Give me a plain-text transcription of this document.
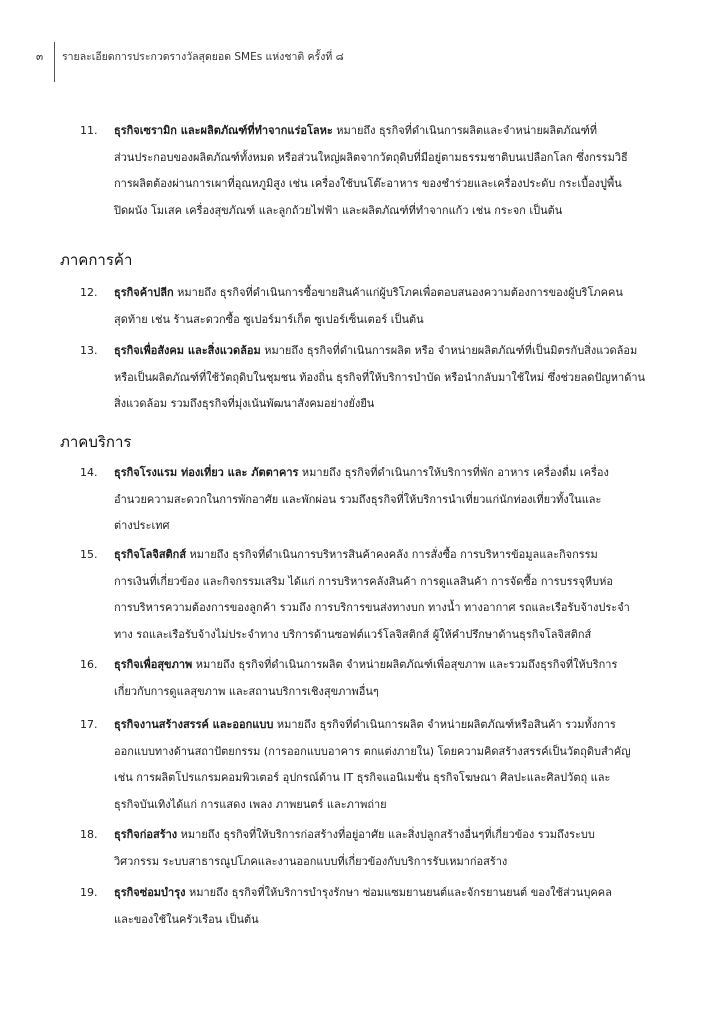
๓	รายละเอียดการประกวดรางวัลสุดยอด SMEs แห่งชาติ ครั้งที่ ๘
11.	ธุรกิจเซรามิก และผลิตภัณฑ์ที่ทำจากแร่อโลหะ หมายถึง ธุรกิจที่ดำเนินการผลิตและจำหน่ายผลิตภัณฑ์ที่
ส่วนประกอบของผลิตภัณฑ์ทั้งหมด หรือส่วนใหญ่ผลิตจากวัตถุดิบที่มีอยู่ตามธรรมชาติบนเปลือกโลก ซึ่งกรรมวิธี
การผลิตต้องผ่านการเผาที่อุณหภูมิสูง เช่น เครื่องใช้บนโต๊ะอาหาร ของชำร่วยและเครื่องประดับ กระเบื้องปูพื้น
ปิดผนัง โมเสค เครื่องสุขภัณฑ์ และลูกถ้วยไฟฟ้า และผลิตภัณฑ์ที่ทำจากแก้ว เช่น กระจก เป็นต้น
ภาคการค้า
12.	ธุรกิจค้าปลีก หมายถึง ธุรกิจที่ดำเนินการซื้อขายสินค้าแก่ผู้บริโภคเพื่อตอบสนองความต้องการของผู้บริโภคคน
สุดท้าย เช่น ร้านสะดวกซื้อ ซูเปอร์มาร์เก็ต ซูเปอร์เซ็นเตอร์ เป็นต้น
13.	ธุรกิจเพื่อสังคม และสิ่งแวดล้อม หมายถึง ธุรกิจที่ดำเนินการผลิต หรือ จำหน่ายผลิตภัณฑ์ที่เป็นมิตรกับสิ่งแวดล้อม
หรือเป็นผลิตภัณฑ์ที่ใช้วัตถุดิบในชุมชน ท้องถิ่น ธุรกิจที่ให้บริการบำบัด หรือนำกลับมาใช้ใหม่ ซึ่งช่วยลดปัญหาด้าน
สิ่งแวดล้อม รวมถึงธุรกิจที่มุ่งเน้นพัฒนาสังคมอย่างยั่งยืน
ภาคบริการ
14.	ธุรกิจโรงแรม ท่องเที่ยว และ ภัตตาคาร หมายถึง ธุรกิจที่ดำเนินการให้บริการที่พัก อาหาร เครื่องดื่ม เครื่อง
อำนวยความสะดวกในการพักอาศัย และพักผ่อน รวมถึงธุรกิจที่ให้บริการนำเที่ยวแก่นักท่องเที่ยวทั้งในและ
ต่างประเทศ
15.	ธุรกิจโลจิสติกส์ หมายถึง ธุรกิจที่ดำเนินการบริหารสินค้าคงคลัง การสั่งซื้อ การบริหารข้อมูลและกิจกรรม
การเงินที่เกี่ยวข้อง และกิจกรรมเสริม ได้แก่ การบริหารคลังสินค้า การดูแลสินค้า การจัดซื้อ การบรรจุหีบห่อ
การบริหารความต้องการของลูกค้า รวมถึง การบริการขนส่งทางบก ทางน้ำ ทางอากาศ รถและเรือรับจ้างประจำ
ทาง รถและเรือรับจ้างไม่ประจำทาง บริการด้านซอฟต์แวร์โลจิสติกส์ ผู้ให้คำปรึกษาด้านธุรกิจโลจิสติกส์
16.	ธุรกิจเพื่อสุขภาพ หมายถึง ธุรกิจที่ดำเนินการผลิต จำหน่ายผลิตภัณฑ์เพื่อสุขภาพ และรวมถึงธุรกิจที่ให้บริการ
เกี่ยวกับการดูแลสุขภาพ และสถานบริการเชิงสุขภาพอื่นๆ
17.	ธุรกิจงานสร้างสรรค์ และออกแบบ หมายถึง ธุรกิจที่ดำเนินการผลิต จำหน่ายผลิตภัณฑ์หรือสินค้า รวมทั้งการ
ออกแบบทางด้านสถาปัตยกรรม (การออกแบบอาคาร ตกแต่งภายใน) โดยความคิดสร้างสรรค์เป็นวัตถุดิบสำคัญ
เช่น การผลิตโปรแกรมคอมพิวเตอร์ อุปกรณ์ด้าน IT ธุรกิจแอนิเมชั่น ธุรกิจโฆษณา ศิลปะและศิลปวัตถุ และ
ธุรกิจบันเทิงได้แก่ การแสดง เพลง ภาพยนตร์ และภาพถ่าย
18.	ธุรกิจก่อสร้าง หมายถึง ธุรกิจที่ให้บริการก่อสร้างที่อยู่อาศัย และสิ่งปลูกสร้างอื่นๆที่เกี่ยวข้อง รวมถึงระบบ
วิศวกรรม ระบบสาธารณูปโภคและงานออกแบบที่เกี่ยวข้องกับบริการรับเหมาก่อสร้าง
19.	ธุรกิจซ่อมบำรุง หมายถึง ธุรกิจที่ให้บริการบำรุงรักษา ซ่อมแซมยานยนต์และจักรยานยนต์ ของใช้ส่วนบุคคล
และของใช้ในครัวเรือน เป็นต้น
